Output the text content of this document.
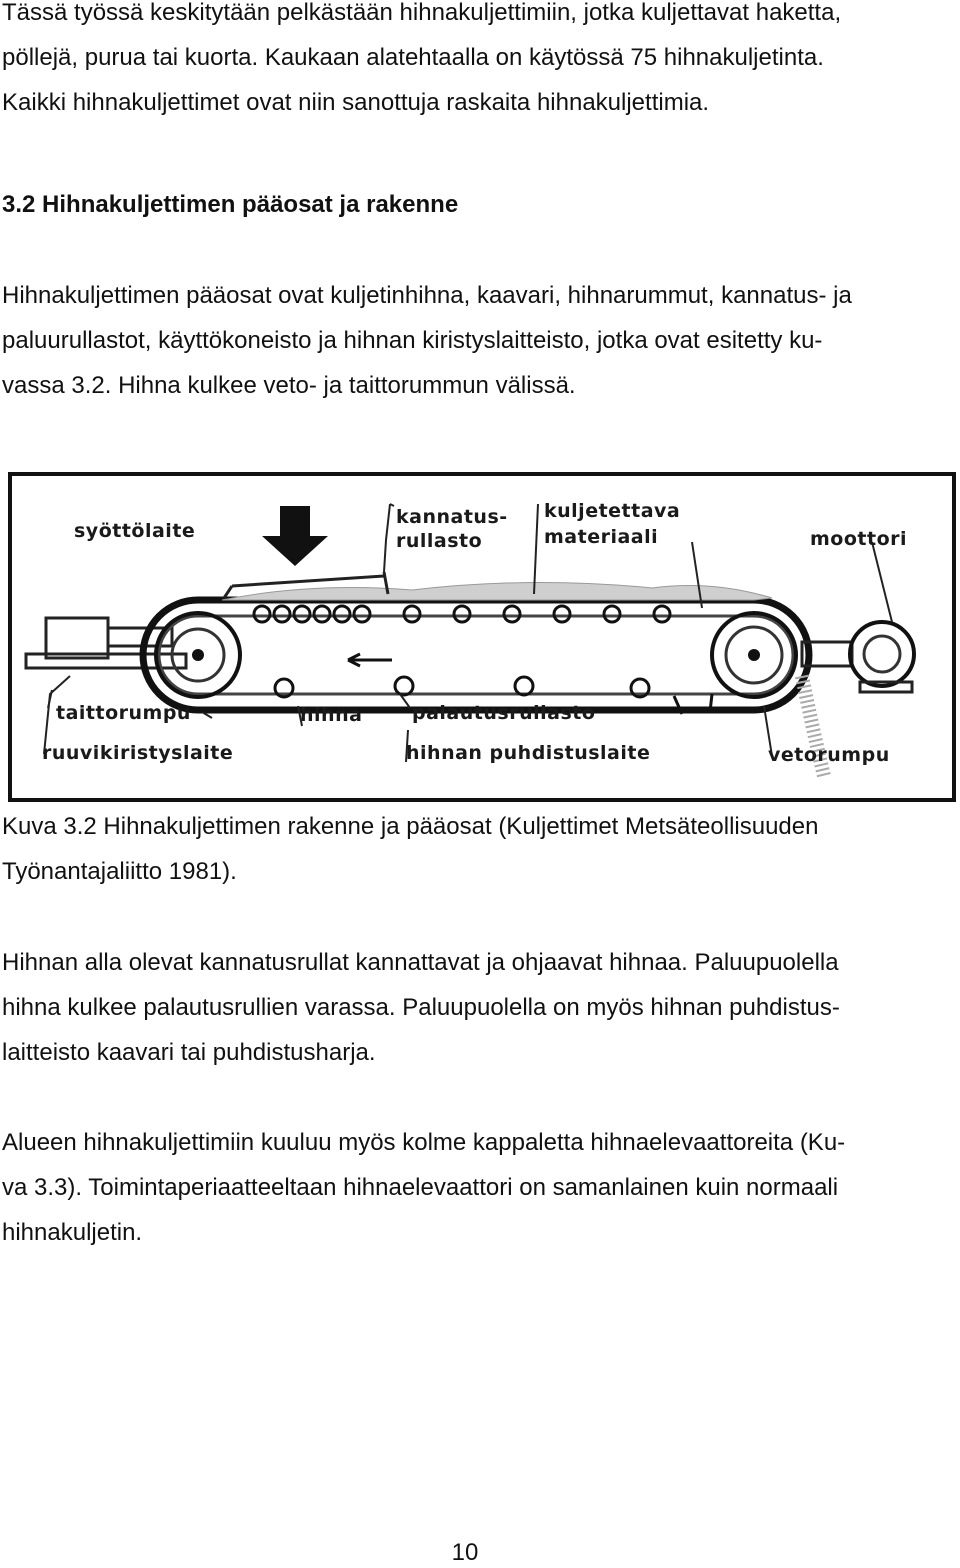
Tässä työssä keskitytään pelkästään hihnakuljettimiin, jotka kuljettavat haketta,
pöllejä, purua tai kuorta. Kaukaan alatehtaalla on käytössä 75 hihnakuljetinta.
Kaikki hihnakuljettimet ovat niin sanottuja raskaita hihnakuljettimia.
3.2 Hihnakuljettimen pääosat ja rakenne
Hihnakuljettimen pääosat ovat kuljetinhihna, kaavari, hihnarummut, kannatus- ja
paluurullastot, käyttökoneisto ja hihnan kiristyslaitteisto, jotka ovat esitetty ku-
vassa 3.2. Hihna kulkee veto- ja taittorummun välissä.
syöttölaite
kannatus-
rullasto
kuljetettava
materiaali	moottori
taittorumpu	hihna	palautusrullasto
ruuvikiristyslaite	hihnan puhdistuslaite	vetorumpu
Kuva 3.2 Hihnakuljettimen rakenne ja pääosat (Kuljettimet Metsäteollisuuden
Työnantajaliitto 1981).
Hihnan alla olevat kannatusrullat kannattavat ja ohjaavat hihnaa. Paluupuolella
hihna kulkee palautusrullien varassa. Paluupuolella on myös hihnan puhdistus-
laitteisto kaavari tai puhdistusharja.
Alueen hihnakuljettimiin kuuluu myös kolme kappaletta hihnaelevaattoreita (Ku-
va 3.3). Toimintaperiaatteeltaan hihnaelevaattori on samanlainen kuin normaali
hihnakuljetin.
10
